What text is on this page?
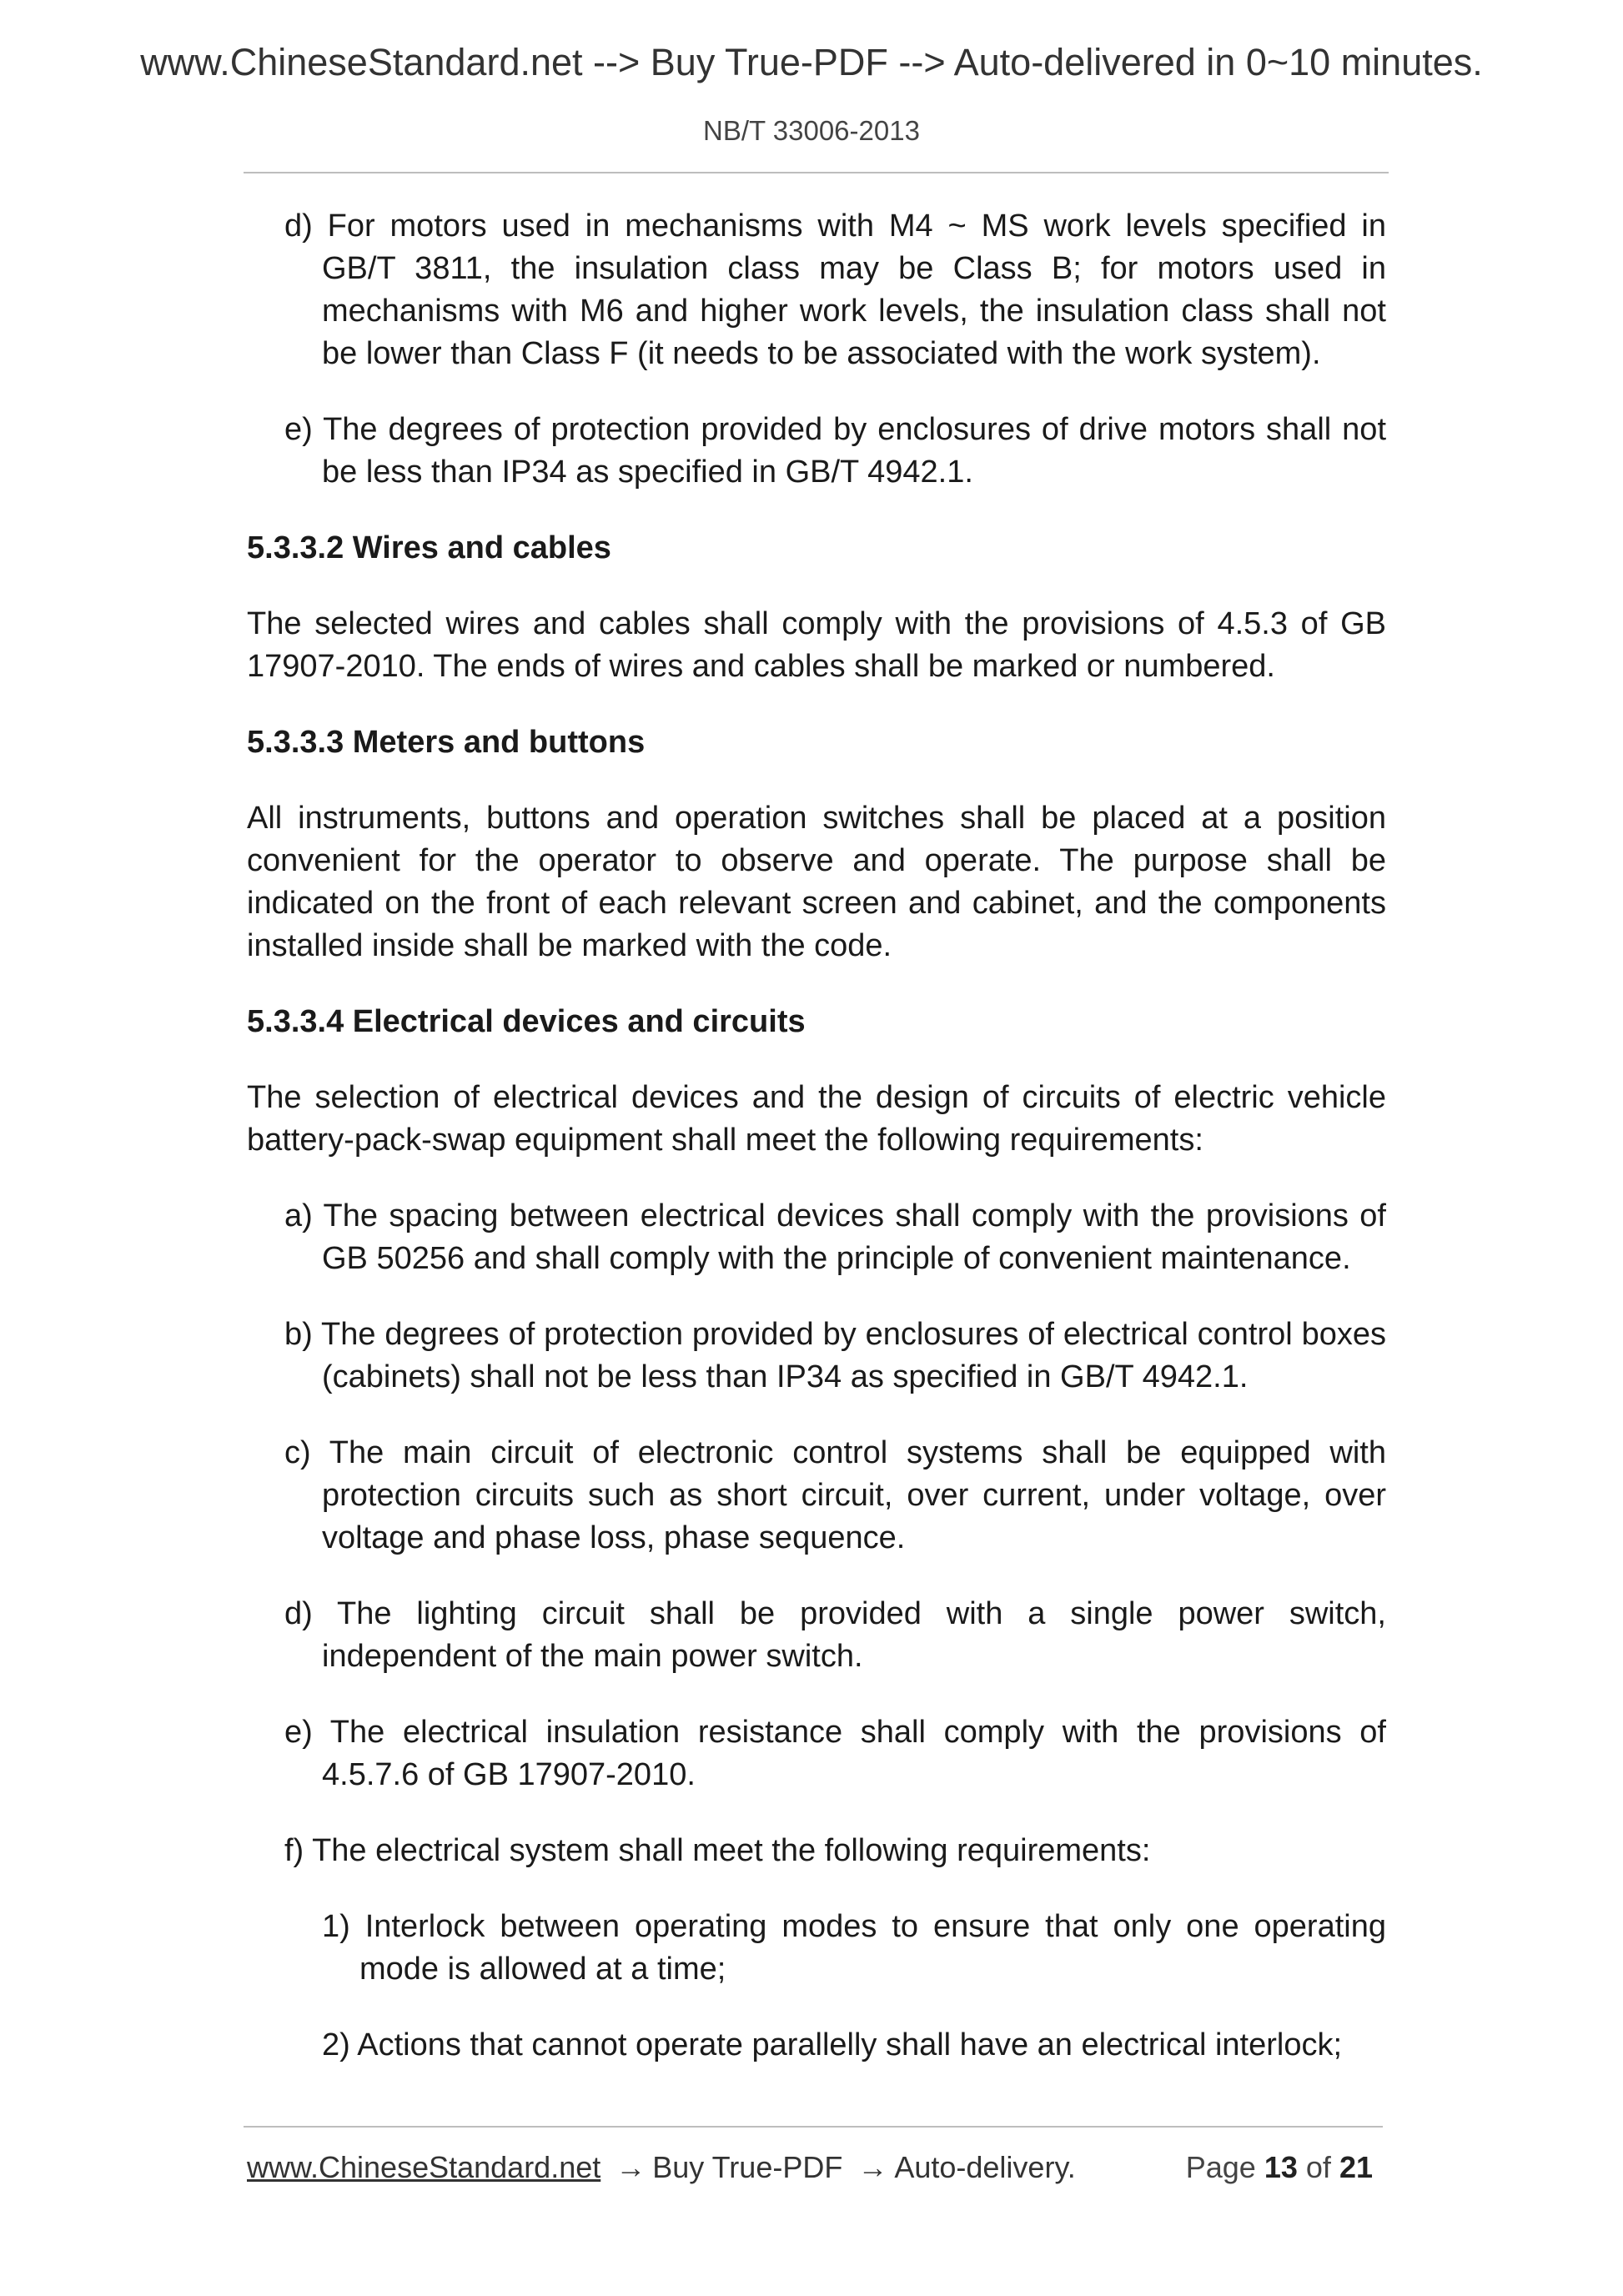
www.ChineseStandard.net --> Buy True-PDF --> Auto-delivered in 0~10 minutes.
NB/T 33006-2013

d) For motors used in mechanisms with M4 ~ MS work levels specified in GB/T 3811, the insulation class may be Class B; for motors used in mechanisms with M6 and higher work levels, the insulation class shall not be lower than Class F (it needs to be associated with the work system).

e) The degrees of protection provided by enclosures of drive motors shall not be less than IP34 as specified in GB/T 4942.1.

5.3.3.2 Wires and cables

The selected wires and cables shall comply with the provisions of 4.5.3 of GB 17907-2010. The ends of wires and cables shall be marked or numbered.

5.3.3.3 Meters and buttons

All instruments, buttons and operation switches shall be placed at a position convenient for the operator to observe and operate. The purpose shall be indicated on the front of each relevant screen and cabinet, and the components installed inside shall be marked with the code.

5.3.3.4 Electrical devices and circuits

The selection of electrical devices and the design of circuits of electric vehicle battery-pack-swap equipment shall meet the following requirements:

a) The spacing between electrical devices shall comply with the provisions of GB 50256 and shall comply with the principle of convenient maintenance.

b) The degrees of protection provided by enclosures of electrical control boxes (cabinets) shall not be less than IP34 as specified in GB/T 4942.1.

c) The main circuit of electronic control systems shall be equipped with protection circuits such as short circuit, over current, under voltage, over voltage and phase loss, phase sequence.

d) The lighting circuit shall be provided with a single power switch, independent of the main power switch.

e) The electrical insulation resistance shall comply with the provisions of 4.5.7.6 of GB 17907-2010.

f) The electrical system shall meet the following requirements:

1) Interlock between operating modes to ensure that only one operating mode is allowed at a time;

2) Actions that cannot operate parallelly shall have an electrical interlock;

www.ChineseStandard.net → Buy True-PDF → Auto-delivery.	Page 13 of 21
